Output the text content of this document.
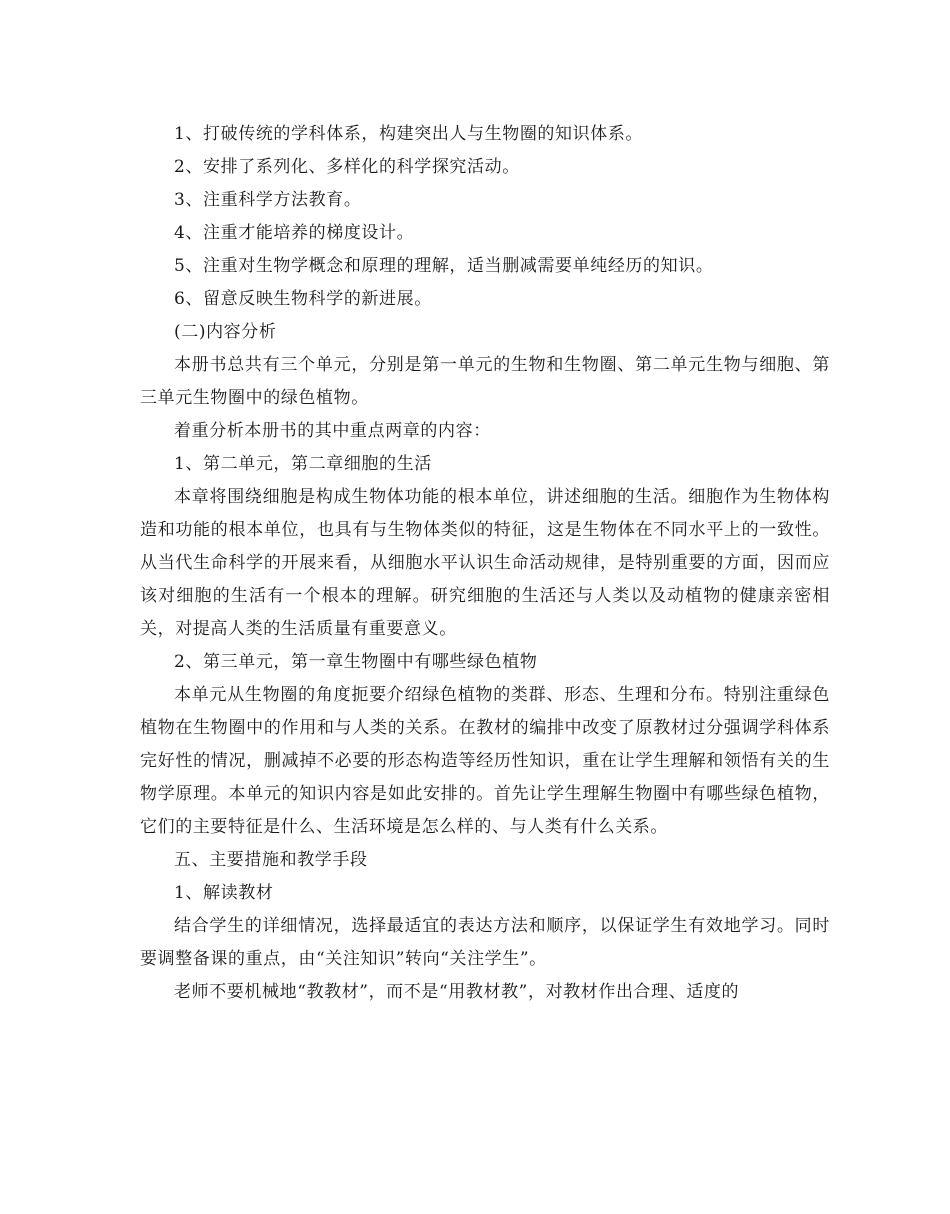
1、打破传统的学科体系，构建突出人与生物圈的知识体系。

2、安排了系列化、多样化的科学探究活动。

3、注重科学方法教育。

4、注重才能培养的梯度设计。

5、注重对生物学概念和原理的理解，适当删减需要单纯经历的知识。

6、留意反映生物科学的新进展。

(二)内容分析

本册书总共有三个单元，分别是第一单元的生物和生物圈、第二单元生物与细胞、第三单元生物圈中的绿色植物。

着重分析本册书的其中重点两章的内容：

1、第二单元，第二章细胞的生活

本章将围绕细胞是构成生物体功能的根本单位，讲述细胞的生活。细胞作为生物体构造和功能的根本单位，也具有与生物体类似的特征，这是生物体在不同水平上的一致性。从当代生命科学的开展来看，从细胞水平认识生命活动规律，是特别重要的方面，因而应该对细胞的生活有一个根本的理解。研究细胞的生活还与人类以及动植物的健康亲密相关，对提高人类的生活质量有重要意义。

2、第三单元，第一章生物圈中有哪些绿色植物

本单元从生物圈的角度扼要介绍绿色植物的类群、形态、生理和分布。特别注重绿色植物在生物圈中的作用和与人类的关系。在教材的编排中改变了原教材过分强调学科体系完好性的情况，删减掉不必要的形态构造等经历性知识，重在让学生理解和领悟有关的生物学原理。本单元的知识内容是如此安排的。首先让学生理解生物圈中有哪些绿色植物，它们的主要特征是什么、生活环境是怎么样的、与人类有什么关系。

五、主要措施和教学手段

1、解读教材

结合学生的详细情况，选择最适宜的表达方法和顺序，以保证学生有效地学习。同时要调整备课的重点，由“关注知识”转向“关注学生”。

老师不要机械地“教教材”，而不是“用教材教”，对教材作出合理、适度的
